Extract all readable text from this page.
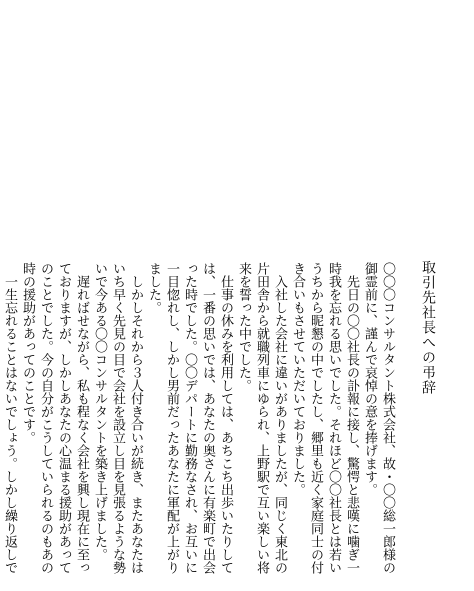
取引先社長への弔辞

〇〇〇コンサルタント株式会社、故・〇〇総一郎様の御霊前に、謹んで哀悼の意を捧げます。

先日の〇〇社長の訃報に接し、驚愕と悲嘆に噛ぎ一時我を忘れる思いでした。それほど〇〇社長とは若いうちから昵懇の中でしたし、郷里も近く家庭同士の付き合いもさせていただいておりました。

入社した会社に違いがありましたが、同じく東北の片田舎から就職列車にゆられ、上野駅で互い楽しい将来を誓った中でした。

仕事の休みを利用しては、あちこち出歩いたりしては、一番の思いでは、あなたの奥さんに有楽町で出会った時でした。〇〇デパートに勤務なされ、お互いに一目惚れし、しかし男前だったあなたに軍配が上がりました。

しかしそれから３人付き合いが続き、またあなたはいち早く先見の目で会社を設立し目を見張るような勢いで今ある〇〇コンサルタントを築き上げました。

遅ればせながら、私も程なく会社を興し現在に至っておりますが、しかしあなたの心温まる援助があってのことでした。今の自分がこうしていられるのもあの時の援助があってのことです。

一生忘れることはないでしょう。しかし繰り返しで
